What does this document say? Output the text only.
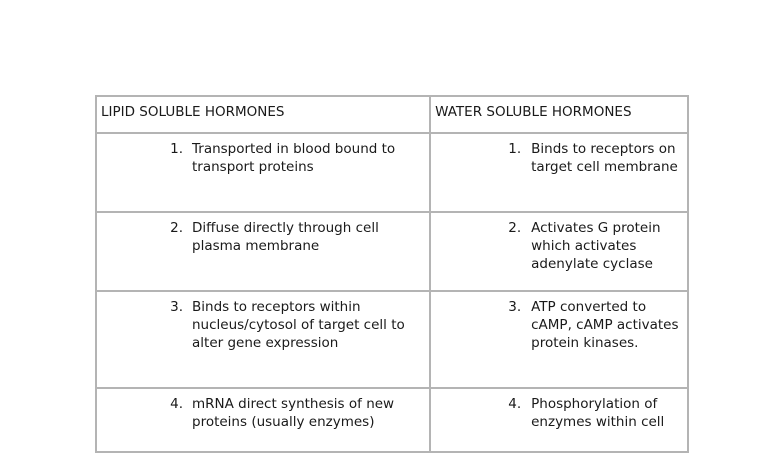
LIPID SOLUBLE HORMONES	WATER SOLUBLE HORMONES

1. Transported in blood bound to transport proteins	1. Binds to receptors on target cell membrane

2. Diffuse directly through cell plasma membrane	2. Activates G protein which activates adenylate cyclase

3. Binds to receptors within nucleus/cytosol of target cell to alter gene expression	3. ATP converted to cAMP, cAMP activates protein kinases.

4. mRNA direct synthesis of new proteins (usually enzymes)	4. Phosphorylation of enzymes within cell
